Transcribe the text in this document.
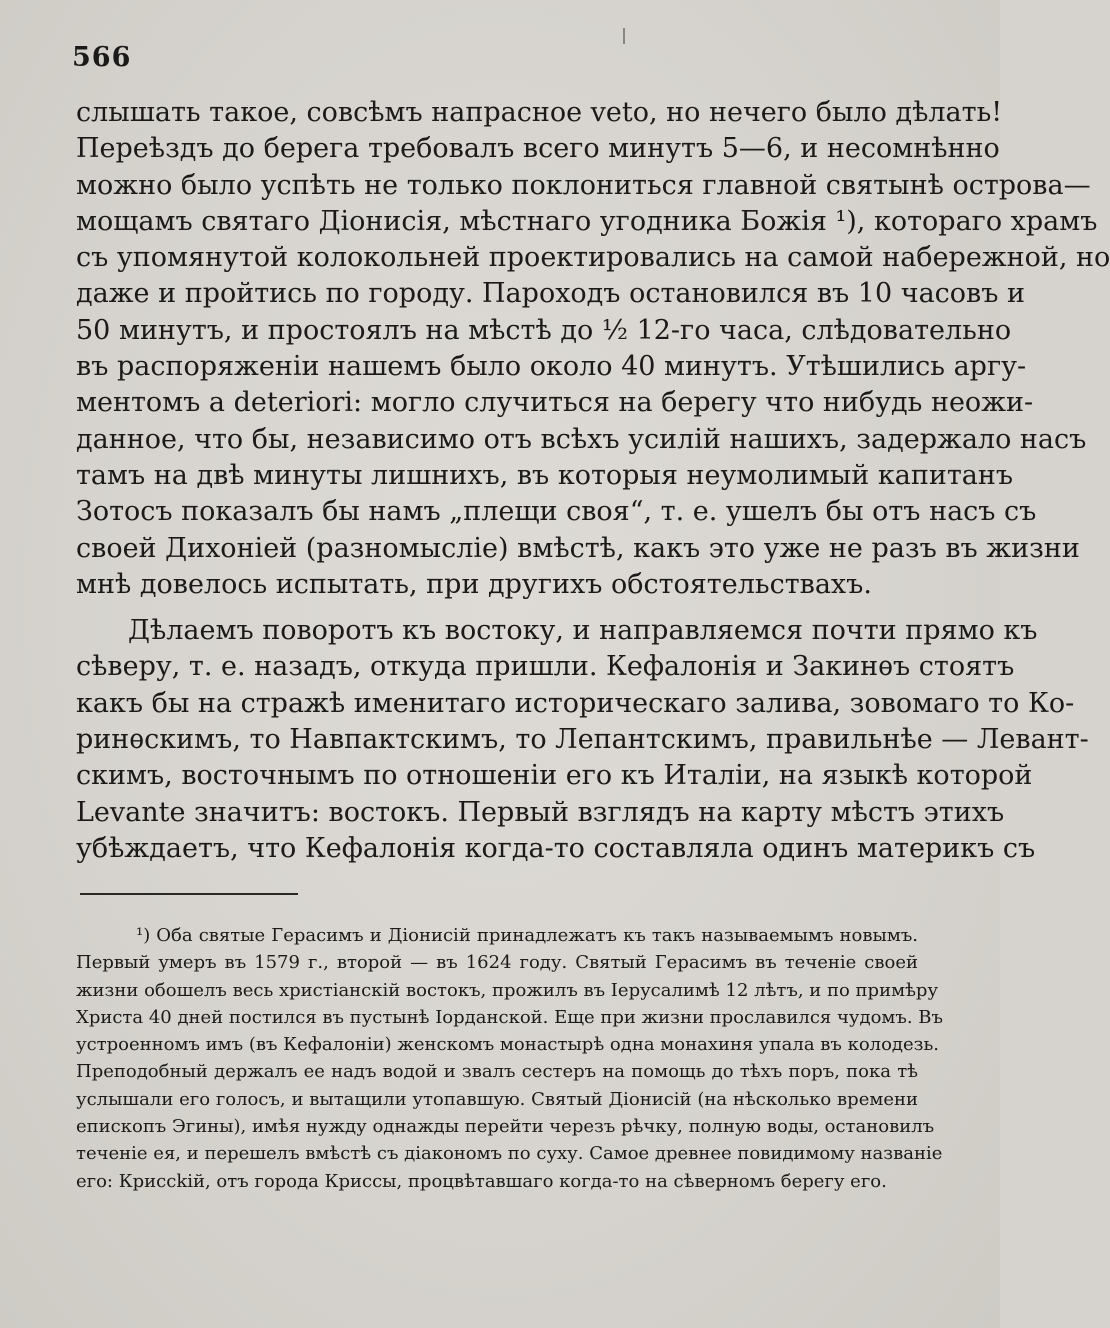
566
слышать такое, совсѣмъ напрасное veto, но нечего было дѣлать!
Переѣздъ до берега требовалъ всего минутъ 5—6, и несомнѣнно
можно было успѣть не только поклониться главной святынѣ острова—
мощамъ святаго Діонисія, мѣстнаго угодника Божія ¹), котораго храмъ
съ упомянутой колокольней проектировались на самой набережной, но
даже и пройтись по городу. Пароходъ остановился въ 10 часовъ и
50 минутъ, и простоялъ на мѣстѣ до ½ 12-го часа, слѣдовательно
въ распоряженіи нашемъ было около 40 минутъ. Утѣшились аргу-
ментомъ a deteriori: могло случиться на берегу что нибудь неожи-
данное, что бы, независимо отъ всѣхъ усилій нашихъ, задержало насъ
тамъ на двѣ минуты лишнихъ, въ которыя неумолимый капитанъ
Зотосъ показалъ бы намъ „плещи своя“, т. е. ушелъ бы отъ насъ съ
своей Дихоніей (разномысліе) вмѣстѣ, какъ это уже не разъ въ жизни
мнѣ довелось испытать, при другихъ обстоятельствахъ.
Дѣлаемъ поворотъ къ востоку, и направляемся почти прямо къ
сѣверу, т. е. назадъ, откуда пришли. Кефалонія и Закинѳъ стоятъ
какъ бы на стражѣ именитаго историческаго залива, зовомаго то Ко-
ринѳскимъ, то Навпактскимъ, то Лепантскимъ, правильнѣе — Левант-
скимъ, восточнымъ по отношеніи его къ Италіи, на языкѣ которой
Levante значитъ: востокъ. Первый взглядъ на карту мѣстъ этихъ
убѣждаетъ, что Кефалонія когда-то составляла одинъ материкъ съ
¹) Оба святые Герасимъ и Діонисій принадлежатъ къ такъ называемымъ новымъ.
Первый умеръ въ 1579 г., второй — въ 1624 году. Святый Герасимъ въ теченіе своей
жизни обошелъ весь христіанскій востокъ, прожилъ въ Іерусалимѣ 12 лѣтъ, и по примѣру
Христа 40 дней постился въ пустынѣ Іорданской. Еще при жизни прославился чудомъ. Въ
устроенномъ имъ (въ Кефалоніи) женскомъ монастырѣ одна монахиня упала въ колодезь.
Преподобный держалъ ее надъ водой и звалъ сестеръ на помощь до тѣхъ поръ, пока тѣ
услышали его голосъ, и вытащили утопавшую. Святый Діонисій (на нѣсколько времени
епископъ Эгины), имѣя нужду однажды перейти черезъ рѣчку, полную воды, остановилъ
теченіе ея, и перешелъ вмѣстѣ съ діакономъ по суху. Самое древнее повидимому названіе
его: Криссkій, отъ города Криссы, процвѣтавшаго когда-то на сѣверномъ берегу его.
